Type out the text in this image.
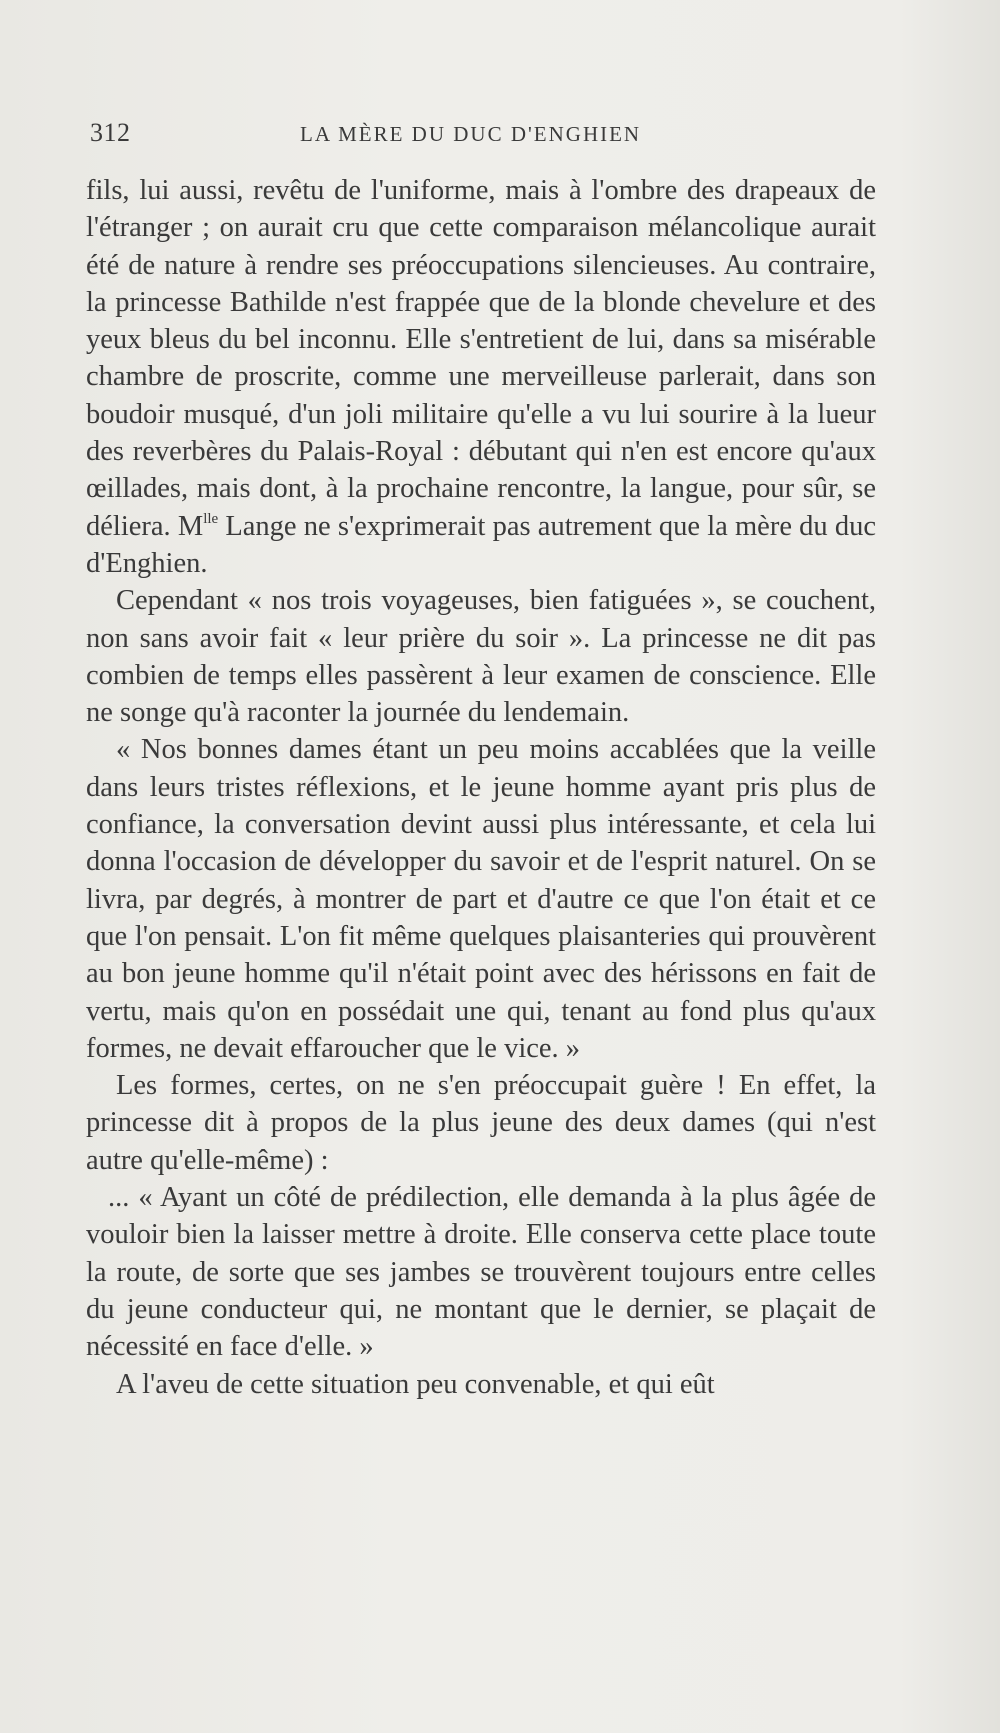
312	LA MÈRE DU DUC D'ENGHIEN

fils, lui aussi, revêtu de l'uniforme, mais à l'ombre des drapeaux de l'étranger ; on aurait cru que cette comparaison mélancolique aurait été de nature à rendre ses préoccupations silencieuses. Au contraire, la princesse Bathilde n'est frappée que de la blonde chevelure et des yeux bleus du bel inconnu. Elle s'entretient de lui, dans sa misérable chambre de proscrite, comme une merveilleuse parlerait, dans son boudoir musqué, d'un joli militaire qu'elle a vu lui sourire à la lueur des reverbères du Palais-Royal : débutant qui n'en est encore qu'aux œillades, mais dont, à la prochaine rencontre, la langue, pour sûr, se déliera. $M^{lle}$ Lange ne s'exprimerait pas autrement que la mère du duc d'Enghien.

Cependant « nos trois voyageuses, bien fatiguées », se couchent, non sans avoir fait « leur prière du soir ». La princesse ne dit pas combien de temps elles passèrent à leur examen de conscience. Elle ne songe qu'à raconter la journée du lendemain.

« Nos bonnes dames étant un peu moins accablées que la veille dans leurs tristes réflexions, et le jeune homme ayant pris plus de confiance, la conversation devint aussi plus intéressante, et cela lui donna l'occasion de développer du savoir et de l'esprit naturel. On se livra, par degrés, à montrer de part et d'autre ce que l'on était et ce que l'on pensait. L'on fit même quelques plaisanteries qui prouvèrent au bon jeune homme qu'il n'était point avec des hérissons en fait de vertu, mais qu'on en possédait une qui, tenant au fond plus qu'aux formes, ne devait effaroucher que le vice. »

Les formes, certes, on ne s'en préoccupait guère ! En effet, la princesse dit à propos de la plus jeune des deux dames (qui n'est autre qu'elle-même) :

... « Ayant un côté de prédilection, elle demanda à la plus âgée de vouloir bien la laisser mettre à droite. Elle conserva cette place toute la route, de sorte que ses jambes se trouvèrent toujours entre celles du jeune conducteur qui, ne montant que le dernier, se plaçait de nécessité en face d'elle. »

A l'aveu de cette situation peu convenable, et qui eût
